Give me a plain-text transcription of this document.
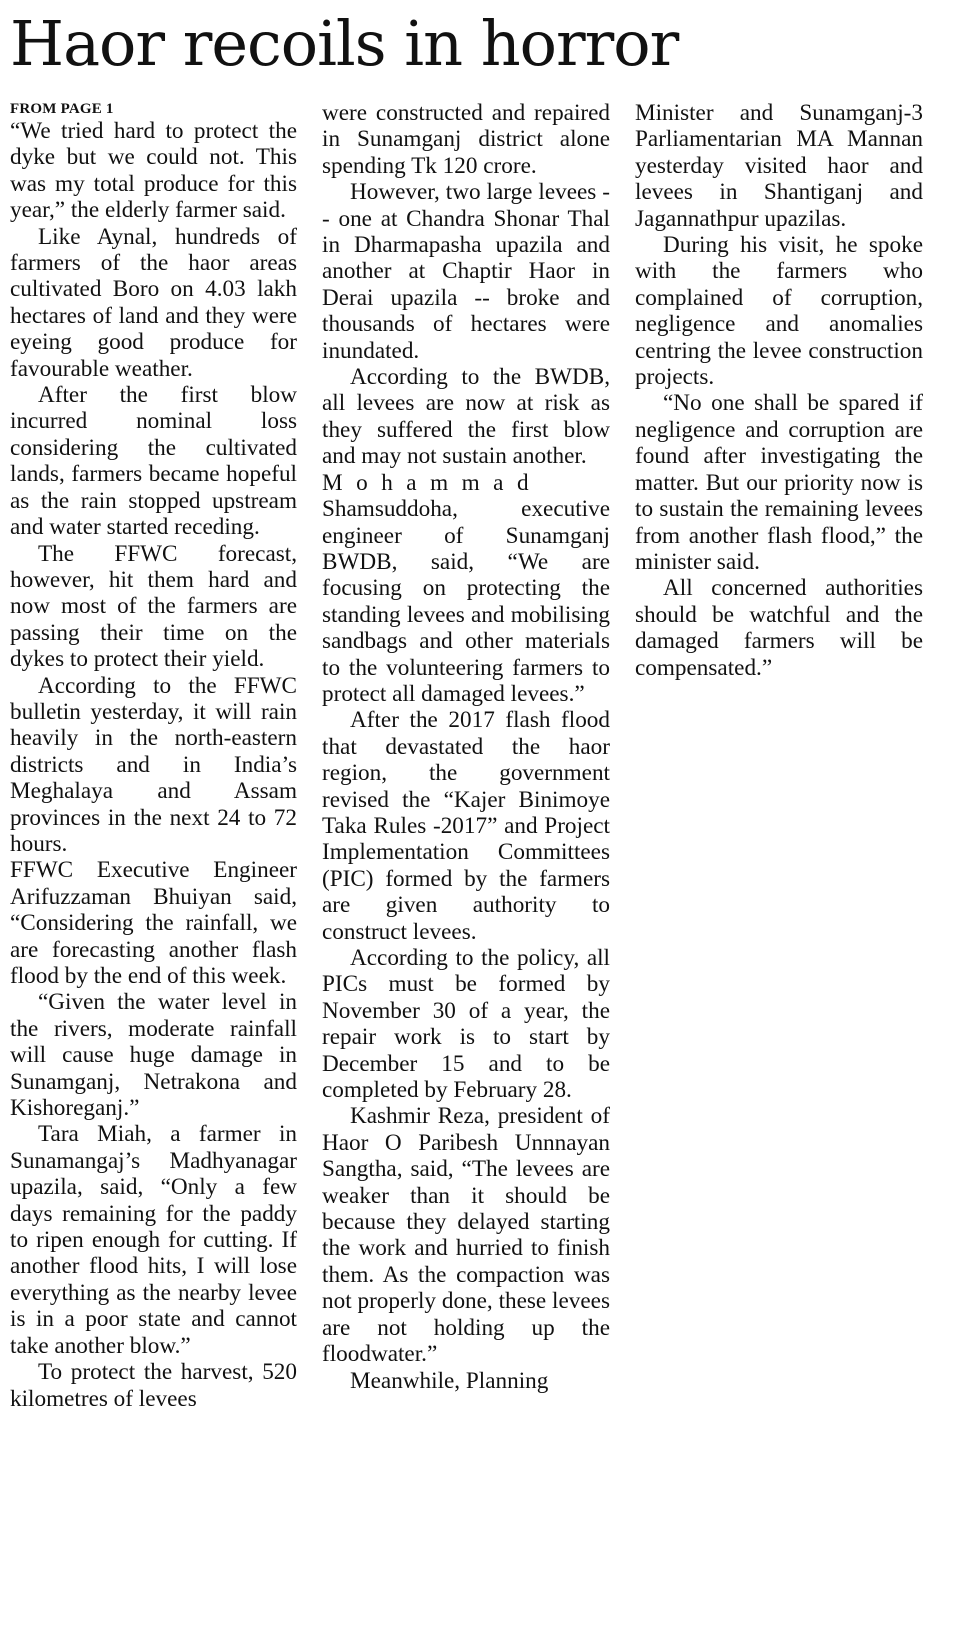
Haor recoils in horror
FROM PAGE 1

“We tried hard to protect the dyke but we could not. This was my total produce for this year,” the elderly farmer said.

Like Aynal, hundreds of farmers of the haor areas cultivated Boro on 4.03 lakh hectares of land and they were eyeing good produce for favourable weather.

After the first blow incurred nominal loss considering the cultivated lands, farmers became hopeful as the rain stopped upstream and water started receding.

The FFWC forecast, however, hit them hard and now most of the farmers are passing their time on the dykes to protect their yield.

According to the FFWC bulletin yesterday, it will rain heavily in the north-eastern districts and in India’s Meghalaya and Assam provinces in the next 24 to 72 hours.

FFWC Executive Engineer Arifuzzaman Bhuiyan said, “Considering the rainfall, we are forecasting another flash flood by the end of this week.

“Given the water level in the rivers, moderate rainfall will cause huge damage in Sunamganj, Netrakona and Kishoreganj.”

Tara Miah, a farmer in Sunamangaj’s Madhyanagar upazila, said, “Only a few days remaining for the paddy to ripen enough for cutting. If another flood hits, I will lose everything as the nearby levee is in a poor state and cannot take another blow.”

To protect the harvest, 520 kilometres of levees

were constructed and repaired in Sunamganj district alone spending Tk 120 crore.

However, two large levees -- one at Chandra Shonar Thal in Dharmapasha upazila and another at Chaptir Haor in Derai upazila -- broke and thousands of hectares were inundated.

According to the BWDB, all levees are now at risk as they suffered the first blow and may not sustain another.

Mohammad Shamsuddoha, executive engineer of Sunamganj BWDB, said, “We are focusing on protecting the standing levees and mobilising sandbags and other materials to the volunteering farmers to protect all damaged levees.”

After the 2017 flash flood that devastated the haor region, the government revised the “Kajer Binimoye Taka Rules -2017” and Project Implementation Committees (PIC) formed by the farmers are given authority to construct levees.

According to the policy, all PICs must be formed by November 30 of a year, the repair work is to start by December 15 and to be completed by February 28.

Kashmir Reza, president of Haor O Paribesh Unnnayan Sangtha, said, “The levees are weaker than it should be because they delayed starting the work and hurried to finish them. As the compaction was not properly done, these levees are not holding up the floodwater.”

Meanwhile, Planning

Minister and Sunamganj-3 Parliamentarian MA Mannan yesterday visited haor and levees in Shantiganj and Jagannathpur upazilas.

During his visit, he spoke with the farmers who complained of corruption, negligence and anomalies centring the levee construction projects.

“No one shall be spared if negligence and corruption are found after investigating the matter. But our priority now is to sustain the remaining levees from another flash flood,” the minister said.

All concerned authorities should be watchful and the damaged farmers will be compensated.”
